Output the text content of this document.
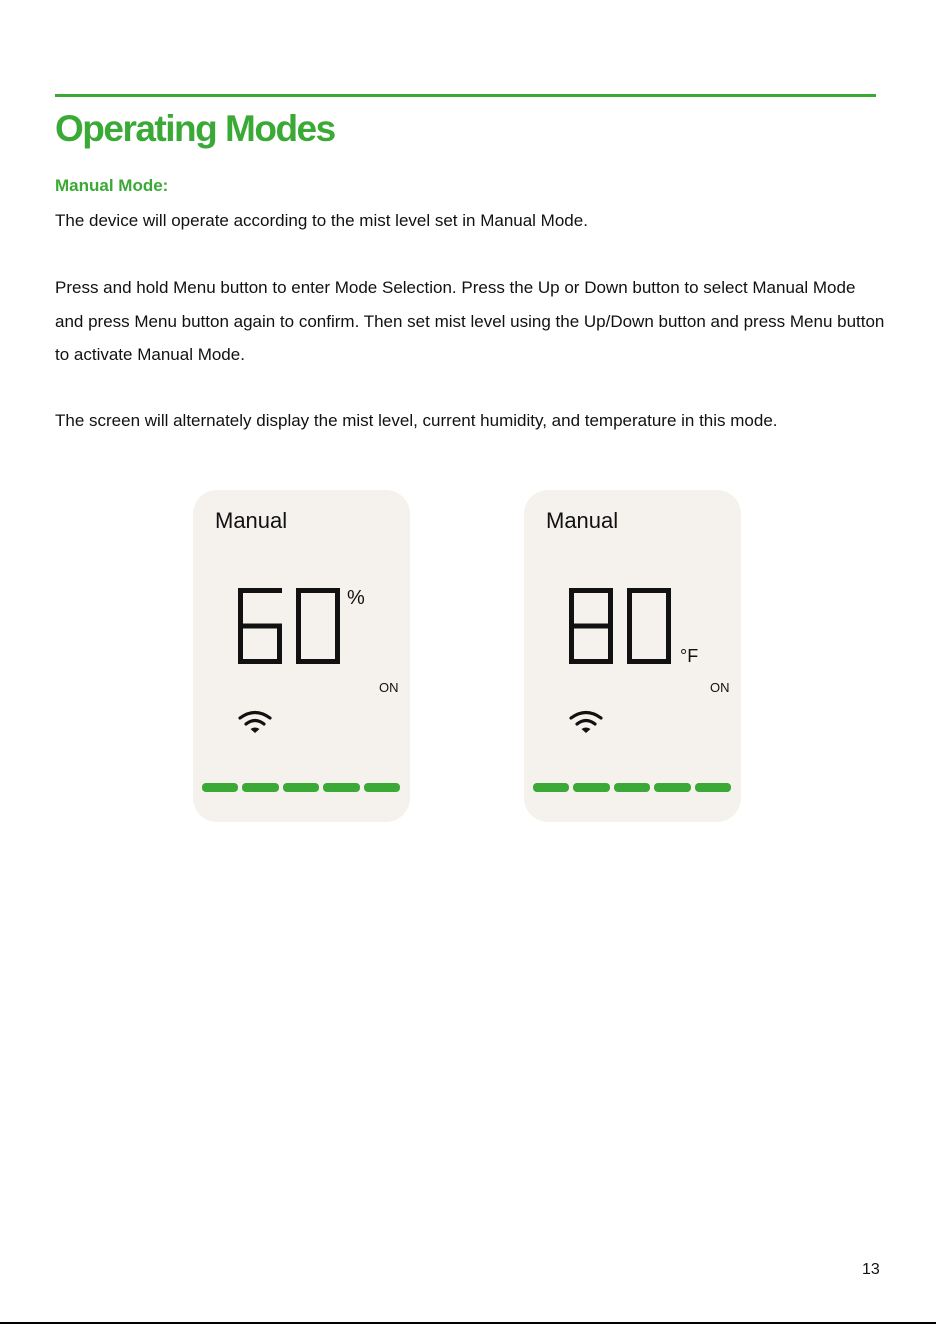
Operating Modes
Manual Mode:

The device will operate according to the mist level set in Manual Mode.

Press and hold Menu button to enter Mode Selection. Press the Up or Down button to select Manual Mode and press Menu button again to confirm. Then set mist level using the Up/Down button and press Menu button to activate Manual Mode.

The screen will alternately display the mist level, current humidity, and temperature in this mode.

Manual
%
ON
Manual
°F
ON
13
